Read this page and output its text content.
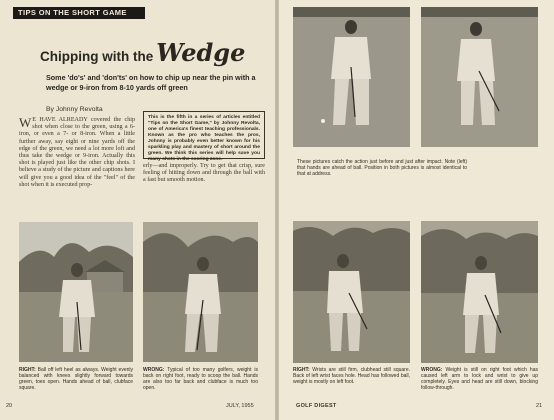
TIPS ON THE SHORT GAME
Chipping with the Wedge
Some 'do's' and 'don'ts' on how to chip up near the pin with a wedge or 9-iron from 8-10 yards off green
By Johnny Revolta
W E HAVE ALREADY covered the chip shot when close to the green, using a 6-iron, or even a 7- or 8-iron. When a little further away, say eight or nine yards off the edge of the green, we need a lot more loft and thus take the wedge or 9-iron. Actually this shot is played just like the other chip shots. I believe a study of the picture and captions here will give you a good idea of the "feel" of the shot when it is executed prop-
This is the fifth in a series of articles entitled "Tips on the Short Game," by Johnny Revolta, one of America's finest teaching professionals. Known as the pro who teaches the pros, Johnny is probably even better known for his sparkling play and mastery of short around the green. We think this series will help save you many shots in the scoring zone.
erly—and improperly. Try to get that crisp, sure feeling of hitting down and through the ball with a fast but smooth motion.
RIGHT: Ball off left heel as always. Weight evenly balanced with knees slightly forward towards green, toes open. Hands ahead of ball, clubface square.
WRONG: Typical of too many golfers, weight is back on right foot, ready to scoop the ball. Hands are also too far back and clubface is much too open.
20	JULY, 1955
These pictures catch the action just before and just after impact. Note (left) that hands are ahead of ball. Position in both pictures is almost identical to that at address.
RIGHT: Wrists are still firm, clubhead still square. Back of left wrist faces hole. Head has followed ball, weight is mostly on left foot.
WRONG: Weight is still on right foot which has caused left arm to lock and wrist to give up completely. Eyes and head are still down, blocking follow-through.
GOLF DIGEST	21
